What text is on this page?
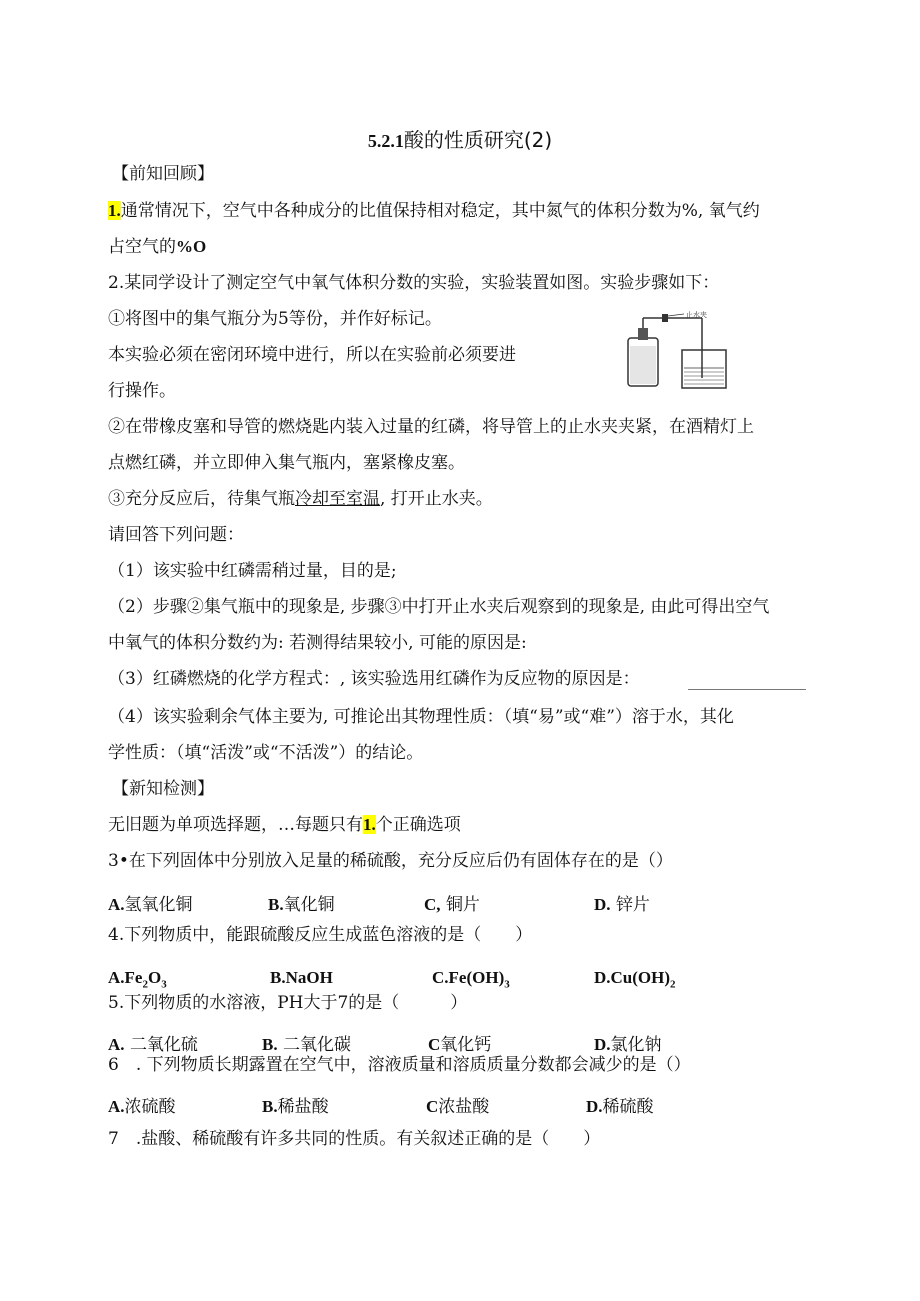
5.2.1酸的性质研究(2)
【前知回顾】
1.通常情况下，空气中各种成分的比值保持相对稳定，其中氮气的体积分数为%, 氧气约
占空气的%O
2.某同学设计了测定空气中氧气体积分数的实验，实验装置如图。实验步骤如下：
①将图中的集气瓶分为5等份，并作好标记。
本实验必须在密闭环境中进行，所以在实验前必须要进
行操作。
止水夹
②在带橡皮塞和导管的燃烧匙内装入过量的红磷，将导管上的止水夹夹紧，在酒精灯上
点燃红磷，并立即伸入集气瓶内，塞紧橡皮塞。
③充分反应后，待集气瓶冷却至室温, 打开止水夹。
请回答下列问题：
（1）该实验中红磷需稍过量，目的是;
（2）步骤②集气瓶中的现象是, 步骤③中打开止水夹后观察到的现象是, 由此可得出空气
中氧气的体积分数约为: 若测得结果较小, 可能的原因是:
（3）红磷燃烧的化学方程式：, 该实验选用红磷作为反应物的原因是：
（4）该实验剩余气体主要为, 可推论出其物理性质：（填“易”或“难”）溶于水，其化
学性质：（填“活泼”或“不活泼”）的结论。
【新知检测】
无旧题为单项选择题，…每题只有1.个正确选项
3•在下列固体中分别放入足量的稀硫酸，充分反应后仍有固体存在的是（）
A.氢氧化铜	B.氧化铜	C, 铜片	D. 锌片
4.下列物质中，能跟硫酸反应生成蓝色溶液的是（　　）
$A.Fe_2O_3$	B.NaOH	$C.Fe(OH)_3$	$D.Cu(OH)_2$
5.下列物质的水溶液，PH大于7的是（　　　）
A. 二氧化硫	B. 二氧化碳	C氧化钙	D.氯化钠
6　. 下列物质长期露置在空气中，溶液质量和溶质质量分数都会减少的是（）
A.浓硫酸	B.稀盐酸	C浓盐酸	D.稀硫酸
7　.盐酸、稀硫酸有许多共同的性质。有关叙述正确的是（　　）
